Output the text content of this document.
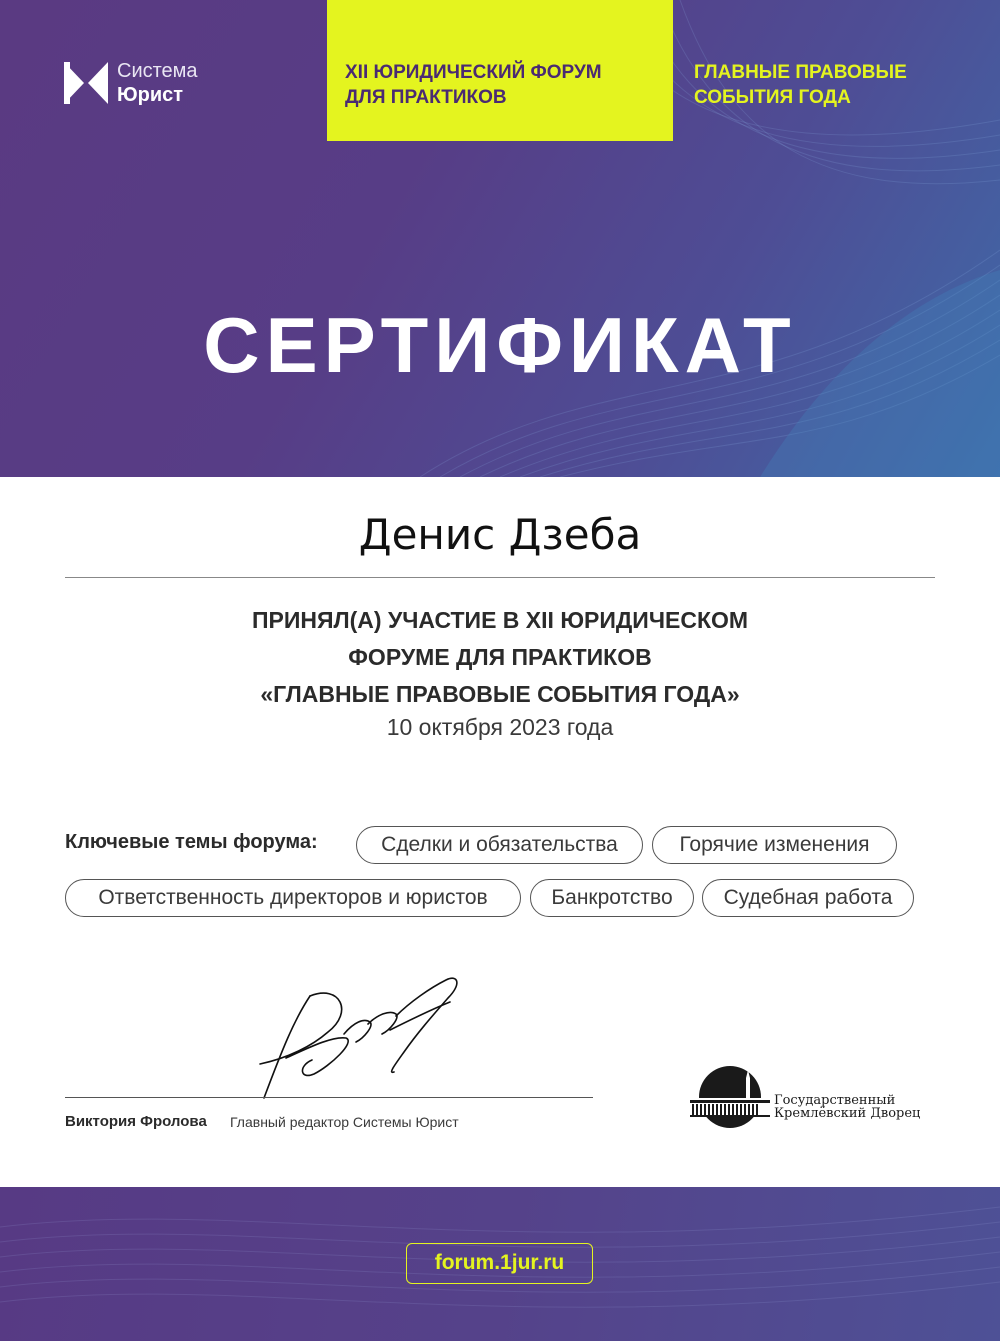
Система
Юрист
XII ЮРИДИЧЕСКИЙ ФОРУМ
ДЛЯ ПРАКТИКОВ
ГЛАВНЫЕ ПРАВОВЫЕ
СОБЫТИЯ ГОДА
СЕРТИФИКАТ
Денис Дзеба
ПРИНЯЛ(А) УЧАСТИЕ В XII ЮРИДИЧЕСКОМ
ФОРУМЕ ДЛЯ ПРАКТИКОВ
«ГЛАВНЫЕ ПРАВОВЫЕ СОБЫТИЯ ГОДА»
10 октября 2023 года
Ключевые темы форума:	Сделки и обязательства	Горячие изменения
Ответственность директоров и юристов	Банкротство	Судебная работа
Виктория Фролова Главный редактор Системы Юрист
Государственный
Кремлёвский Дворец
forum.1jur.ru
